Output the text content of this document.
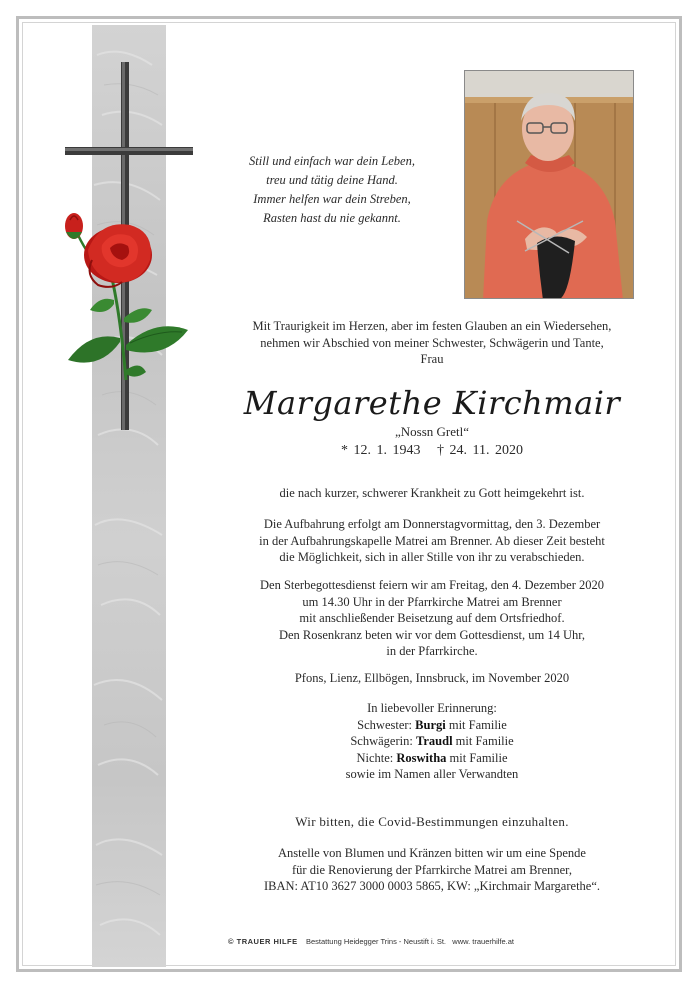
Still und einfach war dein Leben,
treu und tätig deine Hand.
Immer helfen war dein Streben,
Rasten hast du nie gekannt.
Mit Traurigkeit im Herzen, aber im festen Glauben an ein Wiedersehen,
nehmen wir Abschied von meiner Schwester, Schwägerin und Tante,
Frau
Margarethe Kirchmair
„Nossn Gretl“
* 12. 1. 1943 † 24. 11. 2020
die nach kurzer, schwerer Krankheit zu Gott heimgekehrt ist.
Die Aufbahrung erfolgt am Donnerstagvormittag, den 3. Dezember
in der Aufbahrungskapelle Matrei am Brenner. Ab dieser Zeit besteht
die Möglichkeit, sich in aller Stille von ihr zu verabschieden.
Den Sterbegottesdienst feiern wir am Freitag, den 4. Dezember 2020
um 14.30 Uhr in der Pfarrkirche Matrei am Brenner
mit anschließender Beisetzung auf dem Ortsfriedhof.
Den Rosenkranz beten wir vor dem Gottesdienst, um 14 Uhr,
in der Pfarrkirche.
Pfons, Lienz, Ellbögen, Innsbruck, im November 2020
In liebevoller Erinnerung:
Schwester: Burgi mit Familie
Schwägerin: Traudl mit Familie
Nichte: Roswitha mit Familie
sowie im Namen aller Verwandten
Wir bitten, die Covid-Bestimmungen einzuhalten.
Anstelle von Blumen und Kränzen bitten wir um eine Spende
für die Renovierung der Pfarrkirche Matrei am Brenner,
IBAN: AT10 3627 3000 0003 5865, KW: „Kirchmair Margarethe“.
© TRAUER HILFE Bestattung Heidegger Trins - Neustift i. St. www. trauerhilfe.at
